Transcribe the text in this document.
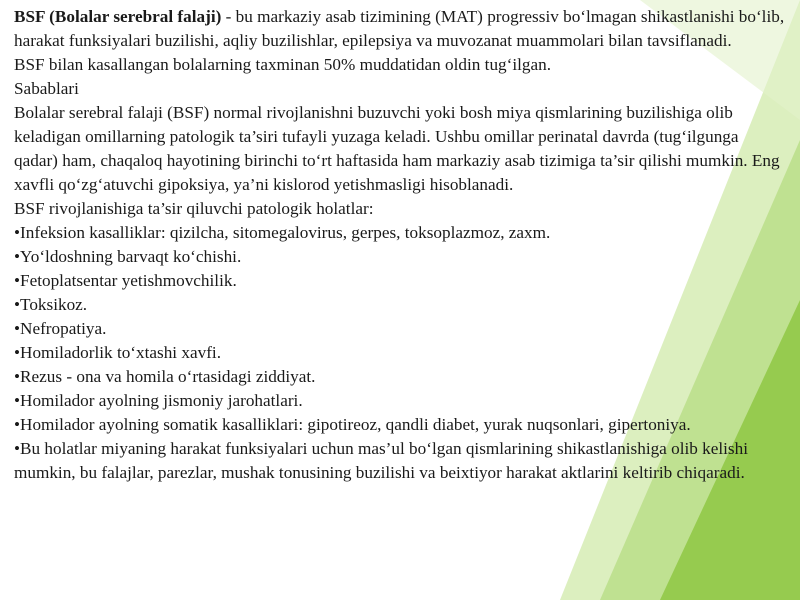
BSF (Bolalar serebral falaji) - bu markaziy asab tizimining (MAT) progressiv bo‘lmagan shikastlanishi bo‘lib, harakat funksiyalari buzilishi, aqliy buzilishlar, epilepsiya va muvozanat muammolari bilan tavsiflanadi.

BSF bilan kasallangan bolalarning taxminan 50% muddatidan oldin tug‘ilgan.

Sabablari

Bolalar serebral falaji (BSF) normal rivojlanishni buzuvchi yoki bosh miya qismlarining buzilishiga olib keladigan omillarning patologik ta’siri tufayli yuzaga keladi. Ushbu omillar perinatal davrda (tug‘ilgunga qadar) ham, chaqaloq hayotining birinchi to‘rt haftasida ham markaziy asab tizimiga ta’sir qilishi mumkin. Eng xavfli qo‘zg‘atuvchi gipoksiya, ya’ni kislorod yetishmasligi hisoblanadi.

BSF rivojlanishiga ta’sir qiluvchi patologik holatlar:

• Infeksion kasalliklar: qizilcha, sitomegalovirus, gerpes, toksoplazmoz, zaxm.

• Yo‘ldoshning barvaqt ko‘chishi.

• Fetoplatsentar yetishmovchilik.

• Toksikoz.

• Nefropatiya.

• Homiladorlik to‘xtashi xavfi.

• Rezus - ona va homila o‘rtasidagi ziddiyat.

• Homilador ayolning jismoniy jarohatlari.

• Homilador ayolning somatik kasalliklari: gipotireoz, qandli diabet, yurak nuqsonlari, gipertoniya.

• Bu holatlar miyaning harakat funksiyalari uchun mas’ul bo‘lgan qismlarining shikastlanishiga olib kelishi mumkin, bu falajlar, parezlar, mushak tonusining buzilishi va beixtiyor harakat aktlarini keltirib chiqaradi.
